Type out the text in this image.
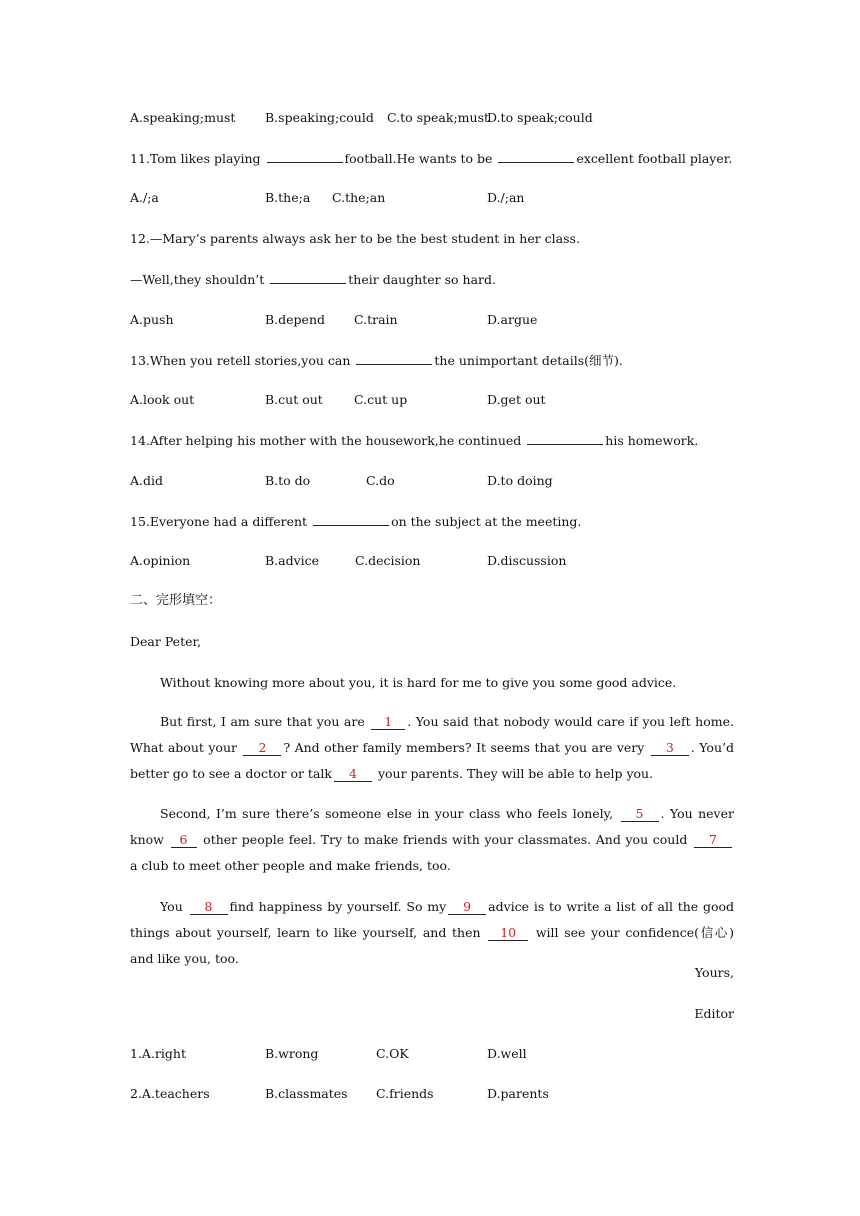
A.speaking;must B.speaking;could C.to speak;must
D.to speak;could
11.Tom likes playing	football.He wants to be	excellent football player.
A./;a	B.the;a C.the;an	D./;an
12.—Mary’s parents always ask her to be the best student in her class.
—Well,they shouldn’t	their daughter so hard.
A.push	B.depend C.train	D.argue
13.When you retell stories,you can	the unimportant details(细节).
A.look out	B.cut out C.cut up	D.get out
14.After helping his mother with the housework,he continued	his homework.
A.did	B.to do	C.do	D.to doing
15.Everyone had a different	on the subject at the meeting.
A.opinion	B.advice	C.decision	D.discussion
二、完形填空：
Dear Peter,
Without knowing more about you, it is hard for me to give you some good advice.
But first, I am sure that you are 1 . You said that nobody would care if you left home. What about your 2 ? And other family members? It seems that you are very 3 . You’d better go to see a doctor or talk 4 your parents. They will be able to help you.
Second, I’m sure there’s someone else in your class who feels lonely, 5 . You never know 6 other people feel. Try to make friends with your classmates. And you could 7 a club to meet other people and make friends, too.
You 8 find happiness by yourself. So my 9 advice is to write a list of all the good things about yourself, learn to like yourself, and then 10 will see your confidence(信心) and like you, too.
Yours,
Editor
1.A.right	B.wrong	C.OK	D.well
2.A.teachers	B.classmates C.friends	D.parents
